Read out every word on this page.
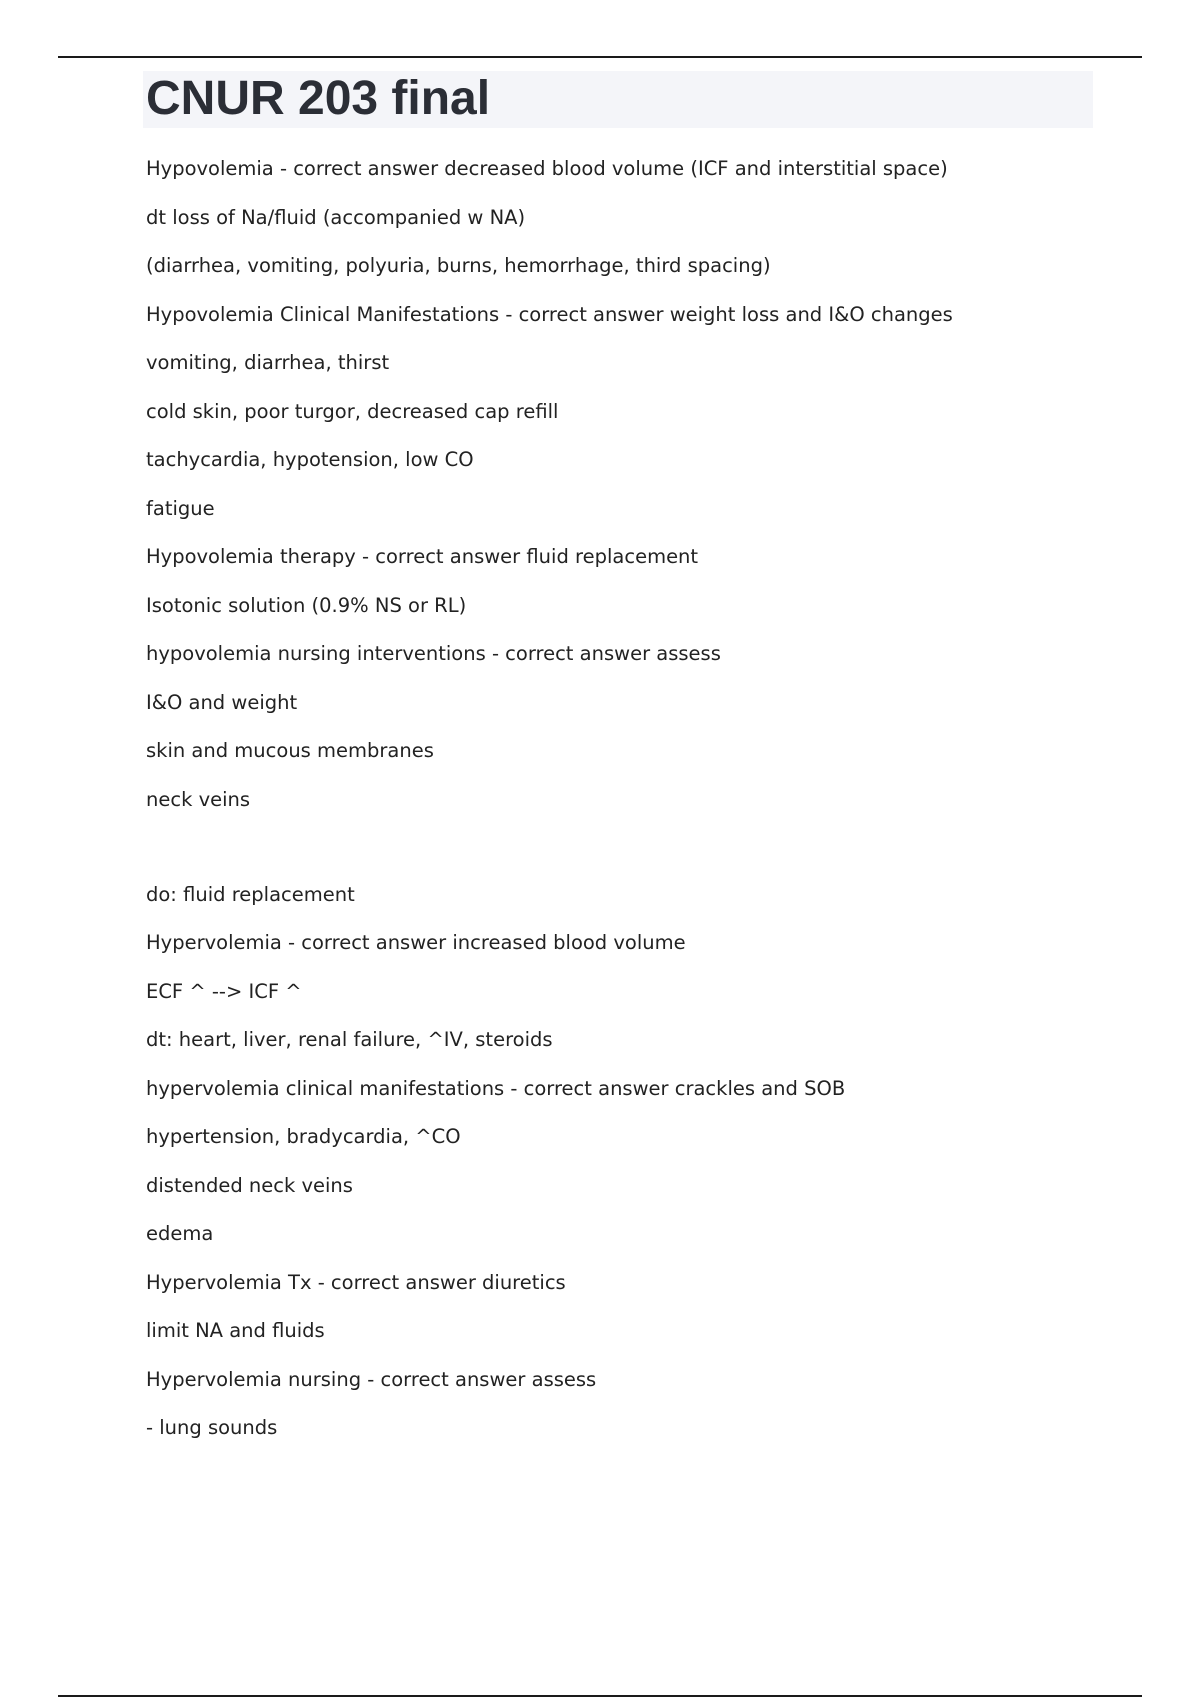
CNUR 203 final
Hypovolemia - correct answer decreased blood volume (ICF and interstitial space)
dt loss of Na/fluid (accompanied w NA)
(diarrhea, vomiting, polyuria, burns, hemorrhage, third spacing)
Hypovolemia Clinical Manifestations - correct answer weight loss and I&O changes
vomiting, diarrhea, thirst
cold skin, poor turgor, decreased cap refill
tachycardia, hypotension, low CO
fatigue
Hypovolemia therapy - correct answer fluid replacement
Isotonic solution (0.9% NS or RL)
hypovolemia nursing interventions - correct answer assess
I&O and weight
skin and mucous membranes
neck veins
do: fluid replacement
Hypervolemia - correct answer increased blood volume
ECF ^ --> ICF ^
dt: heart, liver, renal failure, ^IV, steroids
hypervolemia clinical manifestations - correct answer crackles and SOB
hypertension, bradycardia, ^CO
distended neck veins
edema
Hypervolemia Tx - correct answer diuretics
limit NA and fluids
Hypervolemia nursing - correct answer assess
- lung sounds
